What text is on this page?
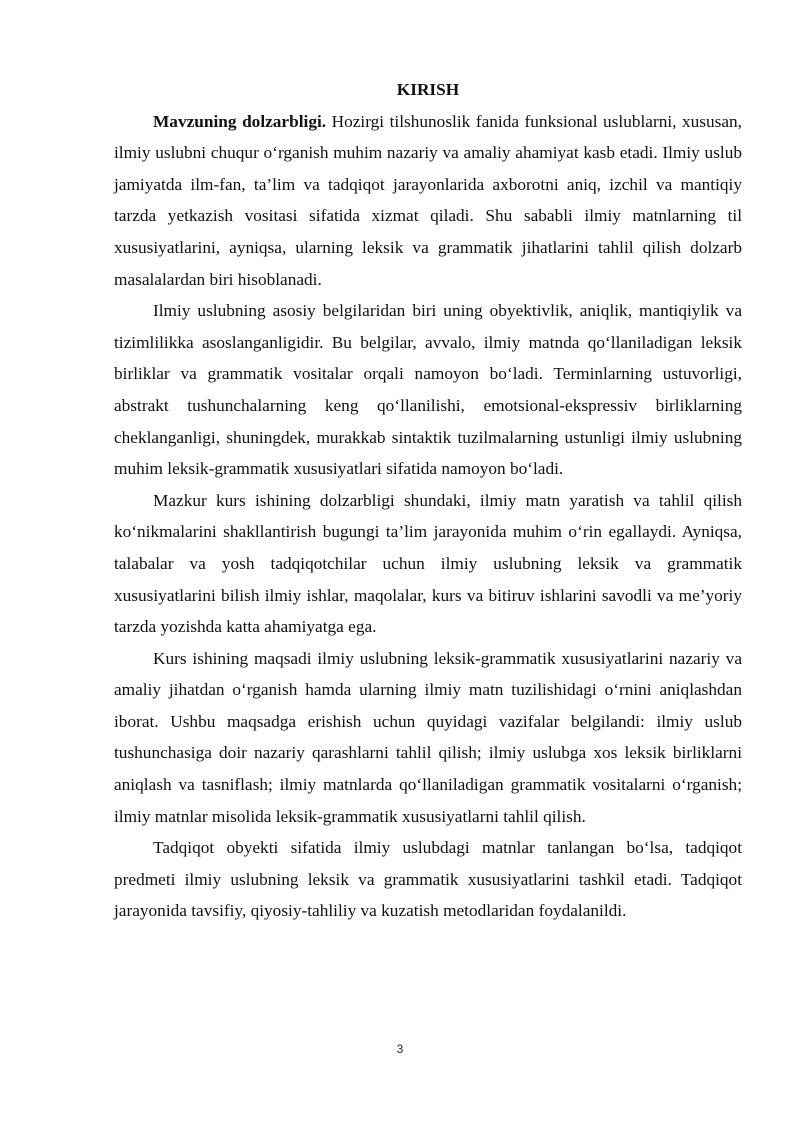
KIRISH

Mavzuning dolzarbligi. Hozirgi tilshunoslik fanida funksional uslublarni, xususan, ilmiy uslubni chuqur o‘rganish muhim nazariy va amaliy ahamiyat kasb etadi. Ilmiy uslub jamiyatda ilm-fan, ta’lim va tadqiqot jarayonlarida axborotni aniq, izchil va mantiqiy tarzda yetkazish vositasi sifatida xizmat qiladi. Shu sababli ilmiy matnlarning til xususiyatlarini, ayniqsa, ularning leksik va grammatik jihatlarini tahlil qilish dolzarb masalalardan biri hisoblanadi.

Ilmiy uslubning asosiy belgilaridan biri uning obyektivlik, aniqlik, mantiqiylik va tizimlilikka asoslanganligidir. Bu belgilar, avvalo, ilmiy matnda qo‘llaniladigan leksik birliklar va grammatik vositalar orqali namoyon bo‘ladi. Terminlarning ustuvorligi, abstrakt tushunchalarning keng qo‘llanilishi, emotsional-ekspressiv birliklarning cheklanganligi, shuningdek, murakkab sintaktik tuzilmalarning ustunligi ilmiy uslubning muhim leksik-grammatik xususiyatlari sifatida namoyon bo‘ladi.

Mazkur kurs ishining dolzarbligi shundaki, ilmiy matn yaratish va tahlil qilish ko‘nikmalarini shakllantirish bugungi ta’lim jarayonida muhim o‘rin egallaydi. Ayniqsa, talabalar va yosh tadqiqotchilar uchun ilmiy uslubning leksik va grammatik xususiyatlarini bilish ilmiy ishlar, maqolalar, kurs va bitiruv ishlarini savodli va me’yoriy tarzda yozishda katta ahamiyatga ega.

Kurs ishining maqsadi ilmiy uslubning leksik-grammatik xususiyatlarini nazariy va amaliy jihatdan o‘rganish hamda ularning ilmiy matn tuzilishidagi o‘rnini aniqlashdan iborat. Ushbu maqsadga erishish uchun quyidagi vazifalar belgilandi: ilmiy uslub tushunchasiga doir nazariy qarashlarni tahlil qilish; ilmiy uslubga xos leksik birliklarni aniqlash va tasniflash; ilmiy matnlarda qo‘llaniladigan grammatik vositalarni o‘rganish; ilmiy matnlar misolida leksik-grammatik xususiyatlarni tahlil qilish.

Tadqiqot obyekti sifatida ilmiy uslubdagi matnlar tanlangan bo‘lsa, tadqiqot predmeti ilmiy uslubning leksik va grammatik xususiyatlarini tashkil etadi. Tadqiqot jarayonida tavsifiy, qiyosiy-tahliliy va kuzatish metodlaridan foydalanildi.

3
